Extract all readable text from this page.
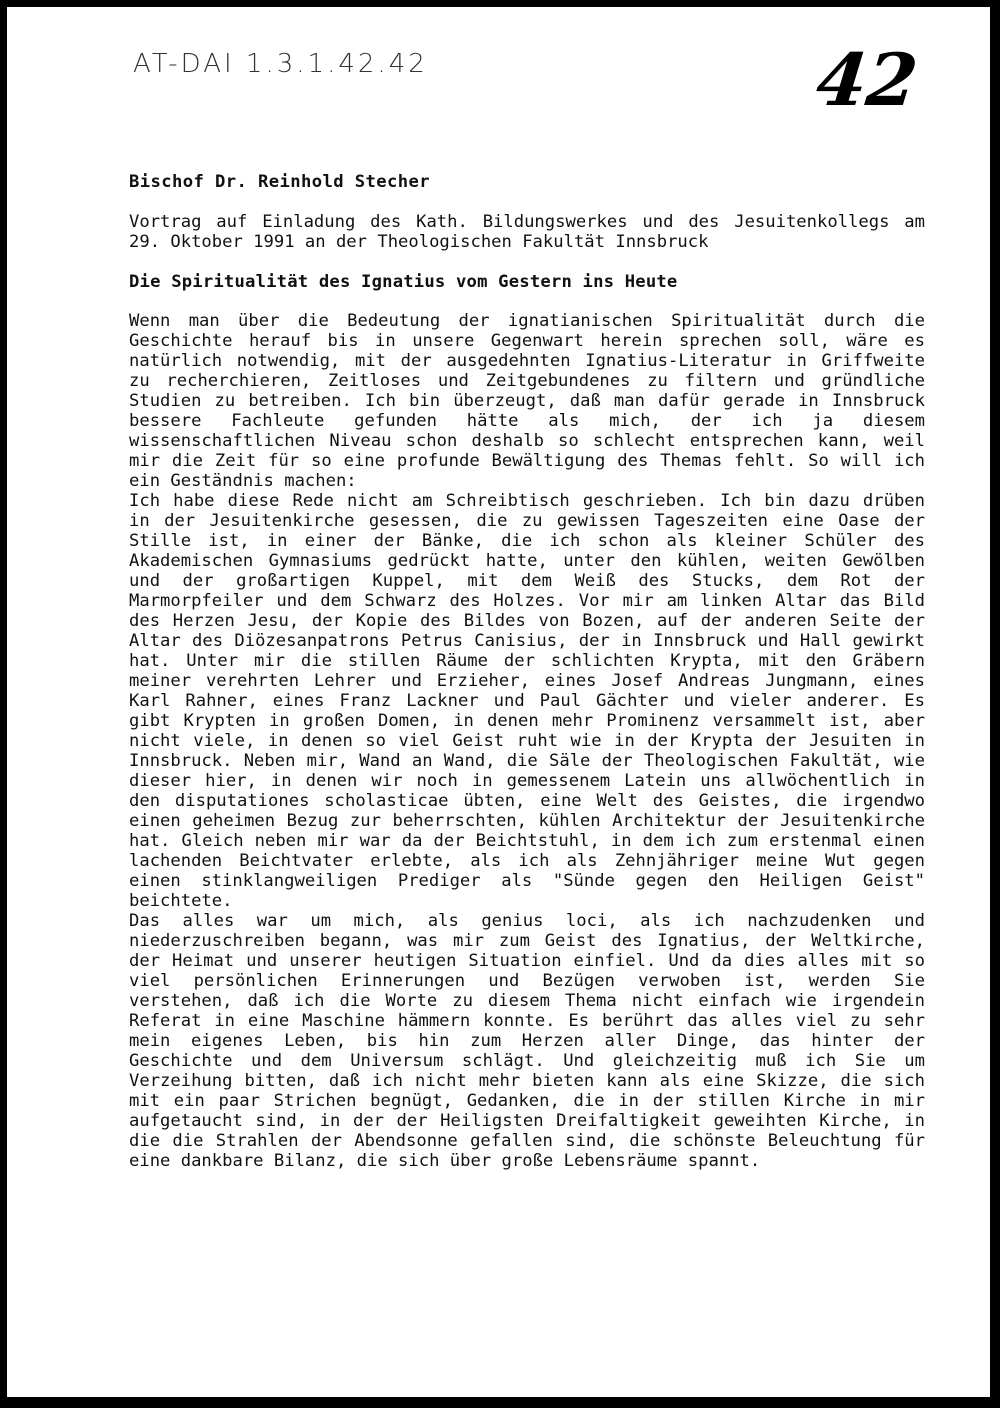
AT-DAI 1.3.1.42.42	42
Bischof Dr. Reinhold Stecher
Vortrag auf Einladung des Kath. Bildungswerkes und des Jesuitenkollegs am 29. Oktober 1991 an der Theologischen Fakultät Innsbruck
Die Spiritualität des Ignatius vom Gestern ins Heute

Wenn man über die Bedeutung der ignatianischen Spiritualität durch die Geschichte herauf bis in unsere Gegenwart herein sprechen soll, wäre es natürlich notwendig, mit der ausgedehnten Ignatius-Literatur in Griffweite zu recherchieren, Zeitloses und Zeitgebundenes zu filtern und gründliche Studien zu betreiben. Ich bin überzeugt, daß man dafür gerade in Innsbruck bessere Fachleute gefunden hätte als mich, der ich ja diesem wissenschaftlichen Niveau schon deshalb so schlecht entsprechen kann, weil mir die Zeit für so eine profunde Bewältigung des Themas fehlt. So will ich ein Geständnis machen:

Ich habe diese Rede nicht am Schreibtisch geschrieben. Ich bin dazu drüben in der Jesuitenkirche gesessen, die zu gewissen Tageszeiten eine Oase der Stille ist, in einer der Bänke, die ich schon als kleiner Schüler des Akademischen Gymnasiums gedrückt hatte, unter den kühlen, weiten Gewölben und der großartigen Kuppel, mit dem Weiß des Stucks, dem Rot der Marmorpfeiler und dem Schwarz des Holzes. Vor mir am linken Altar das Bild des Herzen Jesu, der Kopie des Bildes von Bozen, auf der anderen Seite der Altar des Diözesanpatrons Petrus Canisius, der in Innsbruck und Hall gewirkt hat. Unter mir die stillen Räume der schlichten Krypta, mit den Gräbern meiner verehrten Lehrer und Erzieher, eines Josef Andreas Jungmann, eines Karl Rahner, eines Franz Lackner und Paul Gächter und vieler anderer. Es gibt Krypten in großen Domen, in denen mehr Prominenz versammelt ist, aber nicht viele, in denen so viel Geist ruht wie in der Krypta der Jesuiten in Innsbruck. Neben mir, Wand an Wand, die Säle der Theologischen Fakultät, wie dieser hier, in denen wir noch in gemessenem Latein uns allwöchentlich in den disputationes scholasticae übten, eine Welt des Geistes, die irgendwo einen geheimen Bezug zur beherrschten, kühlen Architektur der Jesuitenkirche hat. Gleich neben mir war da der Beichtstuhl, in dem ich zum erstenmal einen lachenden Beichtvater erlebte, als ich als Zehnjähriger meine Wut gegen einen stinklangweiligen Prediger als "Sünde gegen den Heiligen Geist" beichtete.

Das alles war um mich, als genius loci, als ich nachzudenken und niederzuschreiben begann, was mir zum Geist des Ignatius, der Weltkirche, der Heimat und unserer heutigen Situation einfiel. Und da dies alles mit so viel persönlichen Erinnerungen und Bezügen verwoben ist, werden Sie verstehen, daß ich die Worte zu diesem Thema nicht einfach wie irgendein Referat in eine Maschine hämmern konnte. Es berührt das alles viel zu sehr mein eigenes Leben, bis hin zum Herzen aller Dinge, das hinter der Geschichte und dem Universum schlägt. Und gleichzeitig muß ich Sie um Verzeihung bitten, daß ich nicht mehr bieten kann als eine Skizze, die sich mit ein paar Strichen begnügt, Gedanken, die in der stillen Kirche in mir aufgetaucht sind, in der der Heiligsten Dreifaltigkeit geweihten Kirche, in die die Strahlen der Abendsonne gefallen sind, die schönste Beleuchtung für eine dankbare Bilanz, die sich über große Lebensräume spannt.
